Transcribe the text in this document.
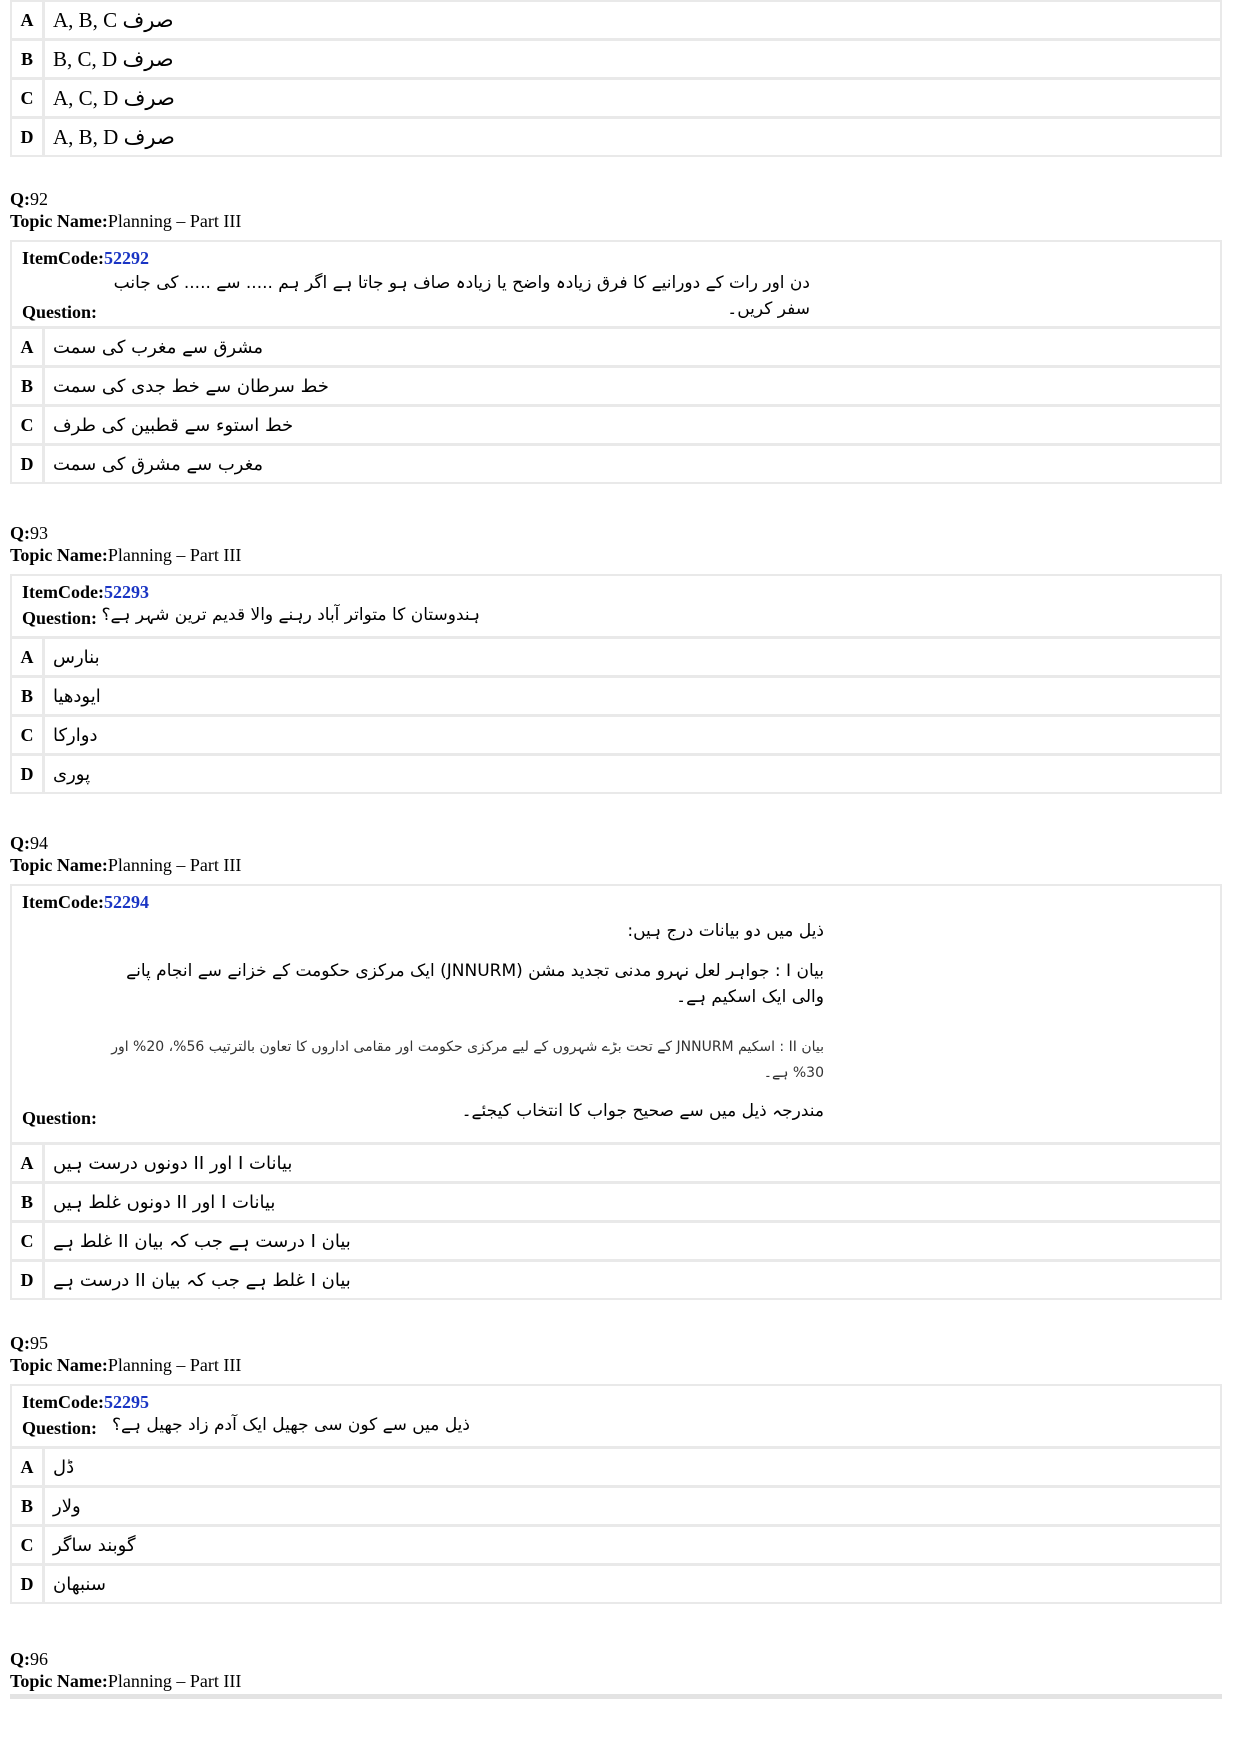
A صرف A, B, C
B صرف B, C, D
C صرف A, C, D
D صرف A, B, D
Q:92
Topic Name:Planning – Part III
ItemCode:52292
دن اور رات کے دورانیے کا فرق زیادہ واضح یا زیادہ صاف ہو جاتا ہے اگر ہم ..... سے ..... کی جانب سفر کریں۔
Question:
A	مشرق سے مغرب کی سمت
B	خط سرطان سے خط جدی کی سمت
C	خط استوء سے قطبین کی طرف
D	مغرب سے مشرق کی سمت
Q:93
Topic Name:Planning – Part III
ItemCode:52293
Question: ہندوستان کا متواتر آباد رہنے والا قدیم ترین شہر ہے؟
A	بنارس
B	ایودھیا
C	دوارکا
D	پوری
Q:94
Topic Name:Planning – Part III
ItemCode:52294
ذیل میں دو بیانات درج ہیں:
بیان I : جواہر لعل نہرو مدنی تجدید مشن (JNNURM) ایک مرکزی حکومت کے خزانے سے انجام پانے والی ایک اسکیم ہے۔
بیان II : اسکیم JNNURM کے تحت بڑے شہروں کے لیے مرکزی حکومت اور مقامی اداروں کا تعاون بالترتیب 56%، 20% اور 30% ہے۔
مندرجہ ذیل میں سے صحیح جواب کا انتخاب کیجئے۔
Question:
A	بیانات I اور II دونوں درست ہیں
B	بیانات I اور II دونوں غلط ہیں
C	بیان I درست ہے جب کہ بیان II غلط ہے
D	بیان I غلط ہے جب کہ بیان II درست ہے
Q:95
Topic Name:Planning – Part III
ItemCode:52295
Question: ذیل میں سے کون سی جھیل ایک آدم زاد جھیل ہے؟
A	ڈل
B	ولار
C	گوبند ساگر
D	سنبھان
Q:96
Topic Name:Planning – Part III
